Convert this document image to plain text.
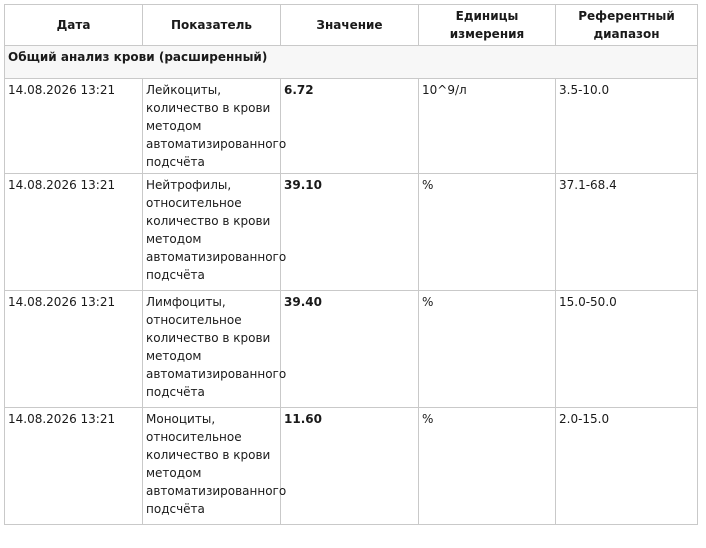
Дата	Показатель	Значение	Единицы измерения	Референтный диапазон
Общий анализ крови (расширенный)				
14.08.2026 13:21	Лейкоциты, количество в крови методом автоматизированного подсчёта	6.72	10^9/л	3.5-10.0
14.08.2026 13:21	Нейтрофилы, относительное количество в крови методом автоматизированного подсчёта	39.10	%	37.1-68.4
14.08.2026 13:21	Лимфоциты, относительное количество в крови методом автоматизированного подсчёта	39.40	%	15.0-50.0
14.08.2026 13:21	Моноциты, относительное количество в крови методом автоматизированного подсчёта	11.60	%	2.0-15.0
